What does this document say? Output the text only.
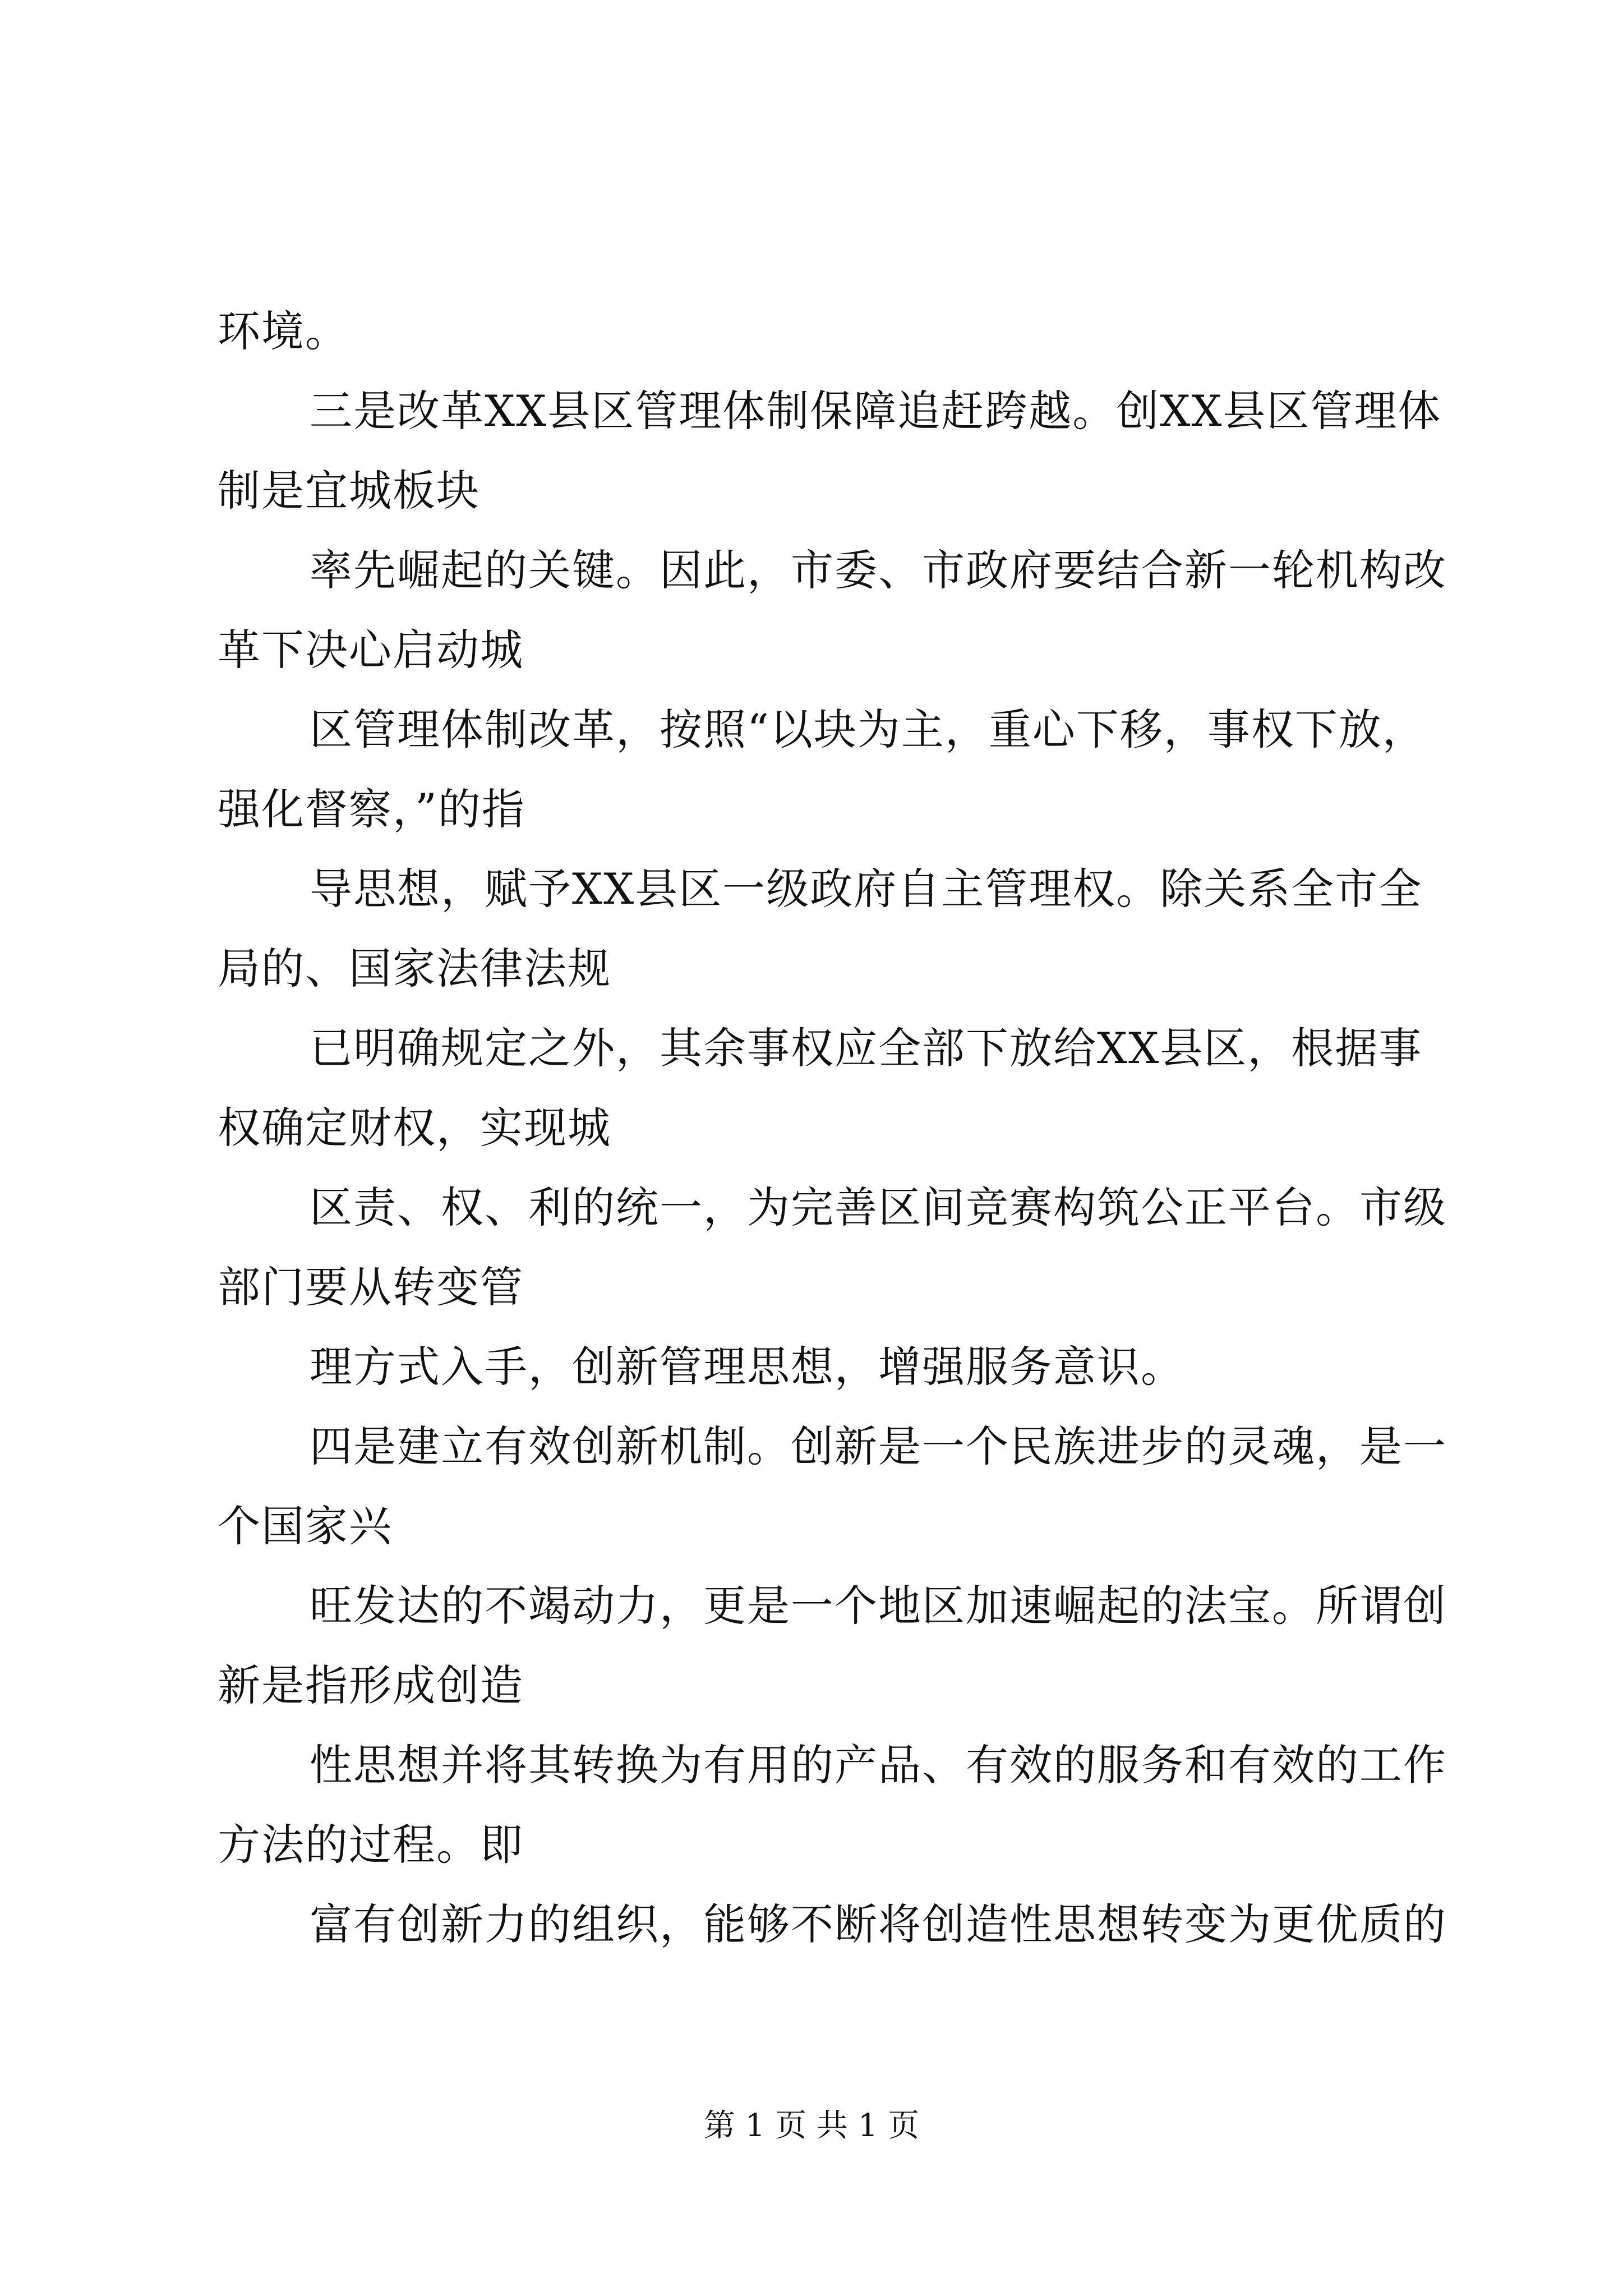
环境。

三是改革XX县区管理体制保障追赶跨越。创XX县区管理体

制是宜城板块

率先崛起的关键。因此，市委、市政府要结合新一轮机构改

革下决心启动城

区管理体制改革，按照“以块为主，重心下移，事权下放，

强化督察，”的指

导思想，赋予XX县区一级政府自主管理权。除关系全市全

局的、国家法律法规

已明确规定之外，其余事权应全部下放给XX县区，根据事

权确定财权，实现城

区责、权、利的统一，为完善区间竞赛构筑公正平台。市级

部门要从转变管

理方式入手，创新管理思想，增强服务意识。

四是建立有效创新机制。创新是一个民族进步的灵魂，是一

个国家兴

旺发达的不竭动力，更是一个地区加速崛起的法宝。所谓创

新是指形成创造

性思想并将其转换为有用的产品、有效的服务和有效的工作

方法的过程。即

富有创新力的组织，能够不断将创造性思想转变为更优质的

第 1 页 共 1 页
